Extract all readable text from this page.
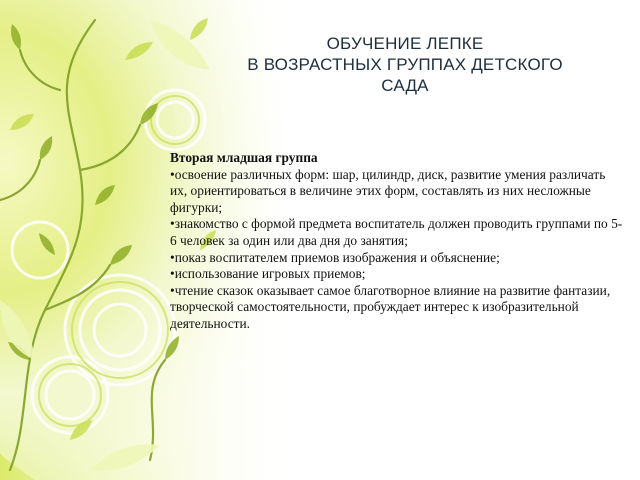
ОБУЧЕНИЕ ЛЕПКЕ
В ВОЗРАСТНЫХ ГРУППАХ ДЕТСКОГО
САДА
Вторая младшая группа

•освоение различных форм: шар, цилиндр, диск, развитие умения различать их, ориентироваться в величине этих форм, составлять из них несложные фигурки;

•знакомство с формой предмета воспитатель должен проводить группами по 5-6 человек за один или два дня до занятия;

•показ воспитателем приемов изображения и объяснение;

•использование игровых приемов;

•чтение сказок оказывает самое благотворное влияние на развитие фантазии, творческой самостоятельности, пробуждает интерес к изобразительной деятельности.
